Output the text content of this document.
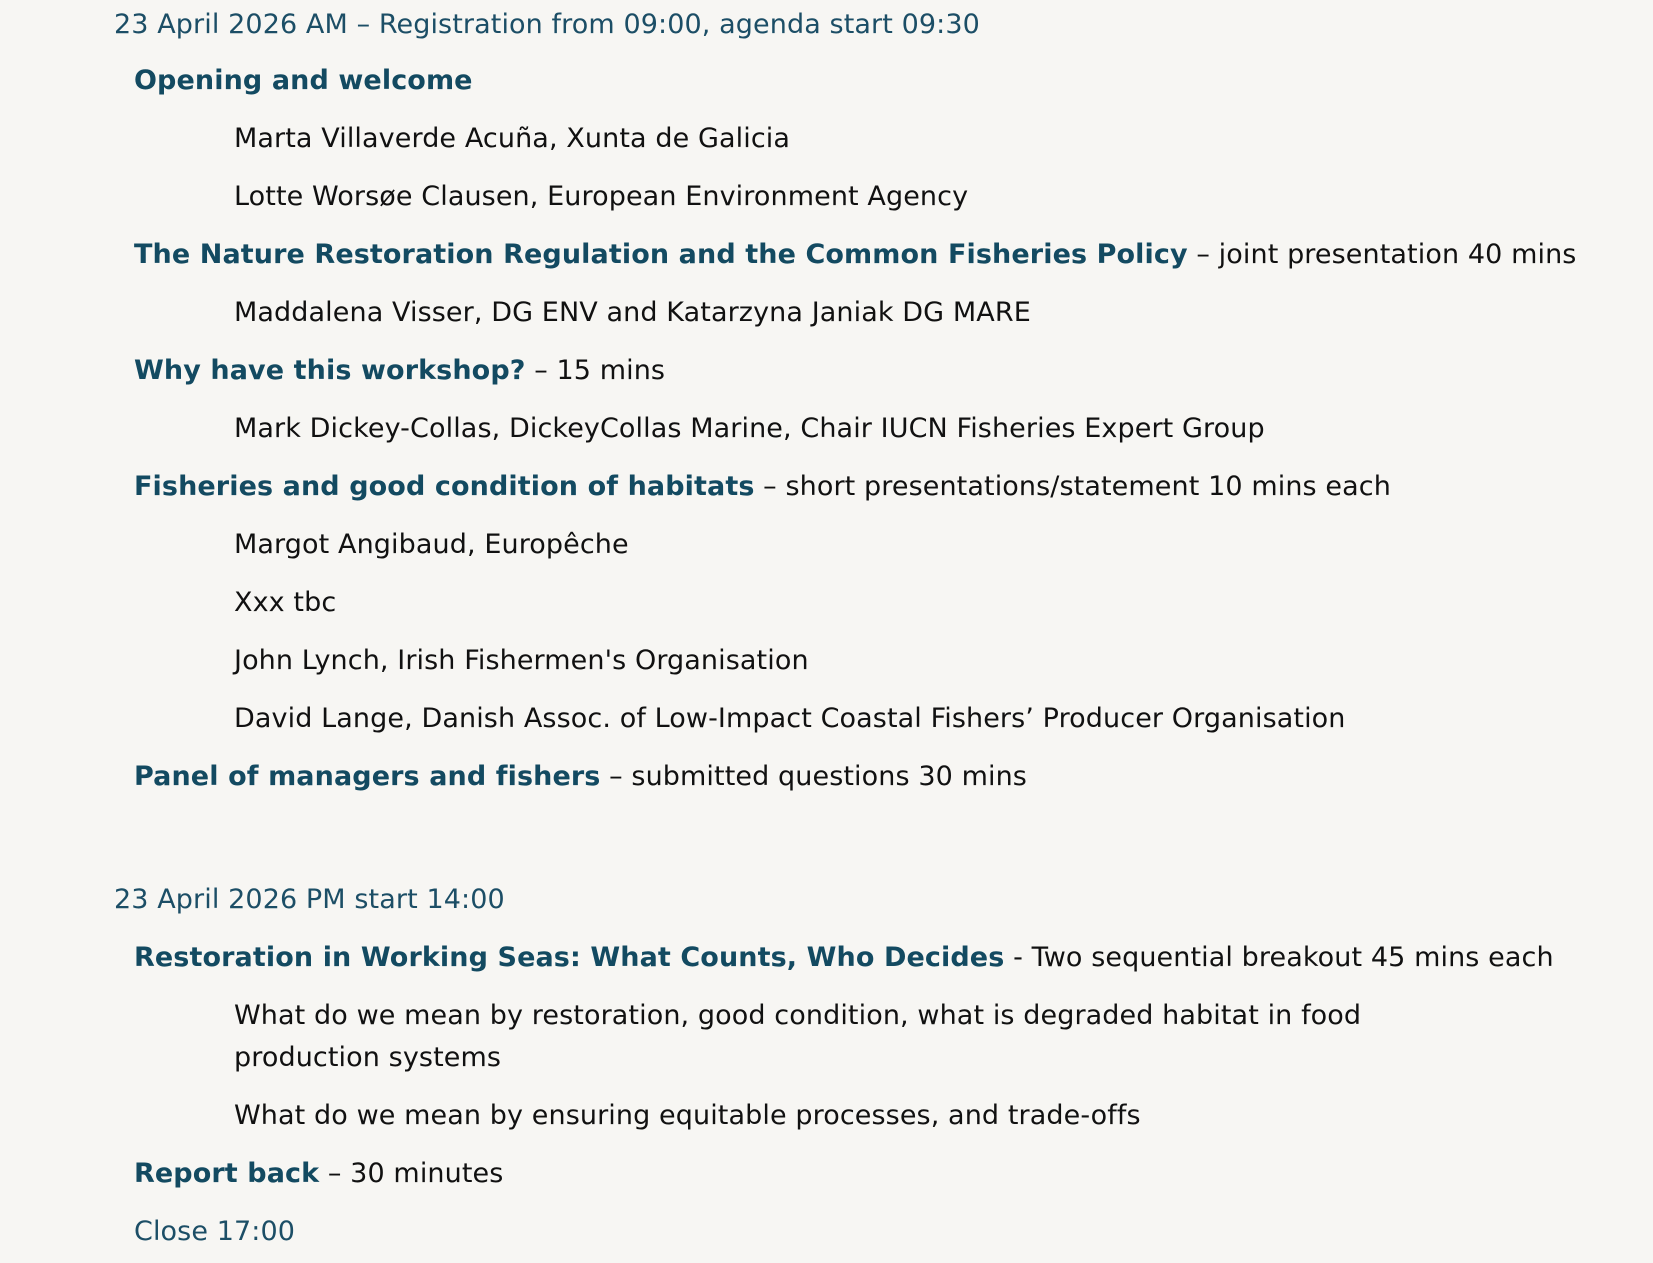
23 April 2026 AM – Registration from 09:00, agenda start 09:30
Opening and welcome
Marta Villaverde Acuña, Xunta de Galicia
Lotte Worsøe Clausen, European Environment Agency
The Nature Restoration Regulation and the Common Fisheries Policy – joint presentation 40 mins
Maddalena Visser, DG ENV and Katarzyna Janiak DG MARE
Why have this workshop? – 15 mins
Mark Dickey-Collas, DickeyCollas Marine, Chair IUCN Fisheries Expert Group
Fisheries and good condition of habitats – short presentations/statement 10 mins each
Margot Angibaud, Europêche
Xxx tbc
John Lynch, Irish Fishermen's Organisation
David Lange, Danish Assoc. of Low-Impact Coastal Fishers’ Producer Organisation
Panel of managers and fishers – submitted questions 30 mins
23 April 2026 PM start 14:00
Restoration in Working Seas: What Counts, Who Decides - Two sequential breakout 45 mins each
What do we mean by restoration, good condition, what is degraded habitat in food production systems
What do we mean by ensuring equitable processes, and trade-offs
Report back – 30 minutes
Close 17:00
